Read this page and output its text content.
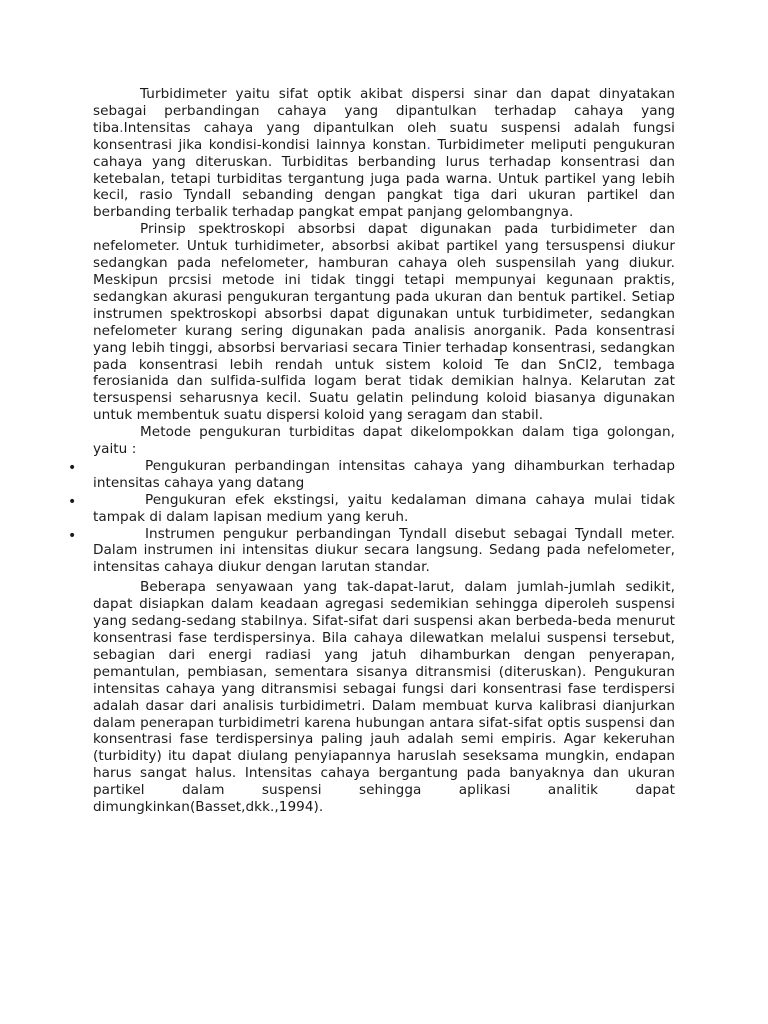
Turbidimeter yaitu sifat optik akibat dispersi sinar dan dapat dinyatakan sebagai perbandingan cahaya yang dipantulkan terhadap cahaya yang tiba.Intensitas cahaya yang dipantulkan oleh suatu suspensi adalah fungsi konsentrasi jika kondisi-kondisi lainnya konstan. Turbidimeter meliputi pengukuran cahaya yang diteruskan. Turbiditas berbanding lurus terhadap konsentrasi dan ketebalan, tetapi turbiditas tergantung juga pada warna. Untuk partikel yang lebih kecil, rasio Tyndall sebanding dengan pangkat tiga dari ukuran partikel dan berbanding terbalik terhadap pangkat empat panjang gelombangnya.

Prinsip spektroskopi absorbsi dapat digunakan pada turbidimeter dan nefelometer. Untuk turhidimeter, absorbsi akibat partikel yang tersuspensi diukur sedangkan pada nefelometer, hamburan cahaya oleh suspensilah yang diukur. Meskipun prcsisi metode ini tidak tinggi tetapi mempunyai kegunaan praktis, sedangkan akurasi pengukuran tergantung pada ukuran dan bentuk partikel. Setiap instrumen spektroskopi absorbsi dapat digunakan untuk turbidimeter, sedangkan nefelometer kurang sering digunakan pada analisis anorganik. Pada konsentrasi yang lebih tinggi, absorbsi bervariasi secara Tinier terhadap konsentrasi, sedangkan pada konsentrasi lebih rendah untuk sistem koloid Te dan SnCl2, tembaga ferosianida dan sulfida-sulfida logam berat tidak demikian halnya. Kelarutan zat tersuspensi seharusnya kecil. Suatu gelatin pelindung koloid biasanya digunakan untuk membentuk suatu dispersi koloid yang seragam dan stabil.

Metode pengukuran turbiditas dapat dikelompokkan dalam tiga golongan, yaitu :

•	Pengukuran perbandingan intensitas cahaya yang dihamburkan terhadap intensitas cahaya yang datang
•	Pengukuran efek ekstingsi, yaitu kedalaman dimana cahaya mulai tidak tampak di dalam lapisan medium yang keruh.
•	Instrumen pengukur perbandingan Tyndall disebut sebagai Tyndall meter. Dalam instrumen ini intensitas diukur secara langsung. Sedang pada nefelometer, intensitas cahaya diukur dengan larutan standar.

Beberapa senyawaan yang tak-dapat-larut, dalam jumlah-jumlah sedikit, dapat disiapkan dalam keadaan agregasi sedemikian sehingga diperoleh suspensi yang sedang-sedang stabilnya. Sifat-sifat dari suspensi akan berbeda-beda menurut konsentrasi fase terdispersinya. Bila cahaya dilewatkan melalui suspensi tersebut, sebagian dari energi radiasi yang jatuh dihamburkan dengan penyerapan, pemantulan, pembiasan, sementara sisanya ditransmisi (diteruskan). Pengukuran intensitas cahaya yang ditransmisi sebagai fungsi dari konsentrasi fase terdispersi adalah dasar dari analisis turbidimetri. Dalam membuat kurva kalibrasi dianjurkan dalam penerapan turbidimetri karena hubungan antara sifat-sifat optis suspensi dan konsentrasi fase terdispersinya paling jauh adalah semi empiris. Agar kekeruhan (turbidity) itu dapat diulang penyiapannya haruslah seseksama mungkin, endapan harus sangat halus. Intensitas cahaya bergantung pada banyaknya dan ukuran partikel dalam suspensi sehingga aplikasi analitik dapat dimungkinkan(Basset,dkk.,1994).
